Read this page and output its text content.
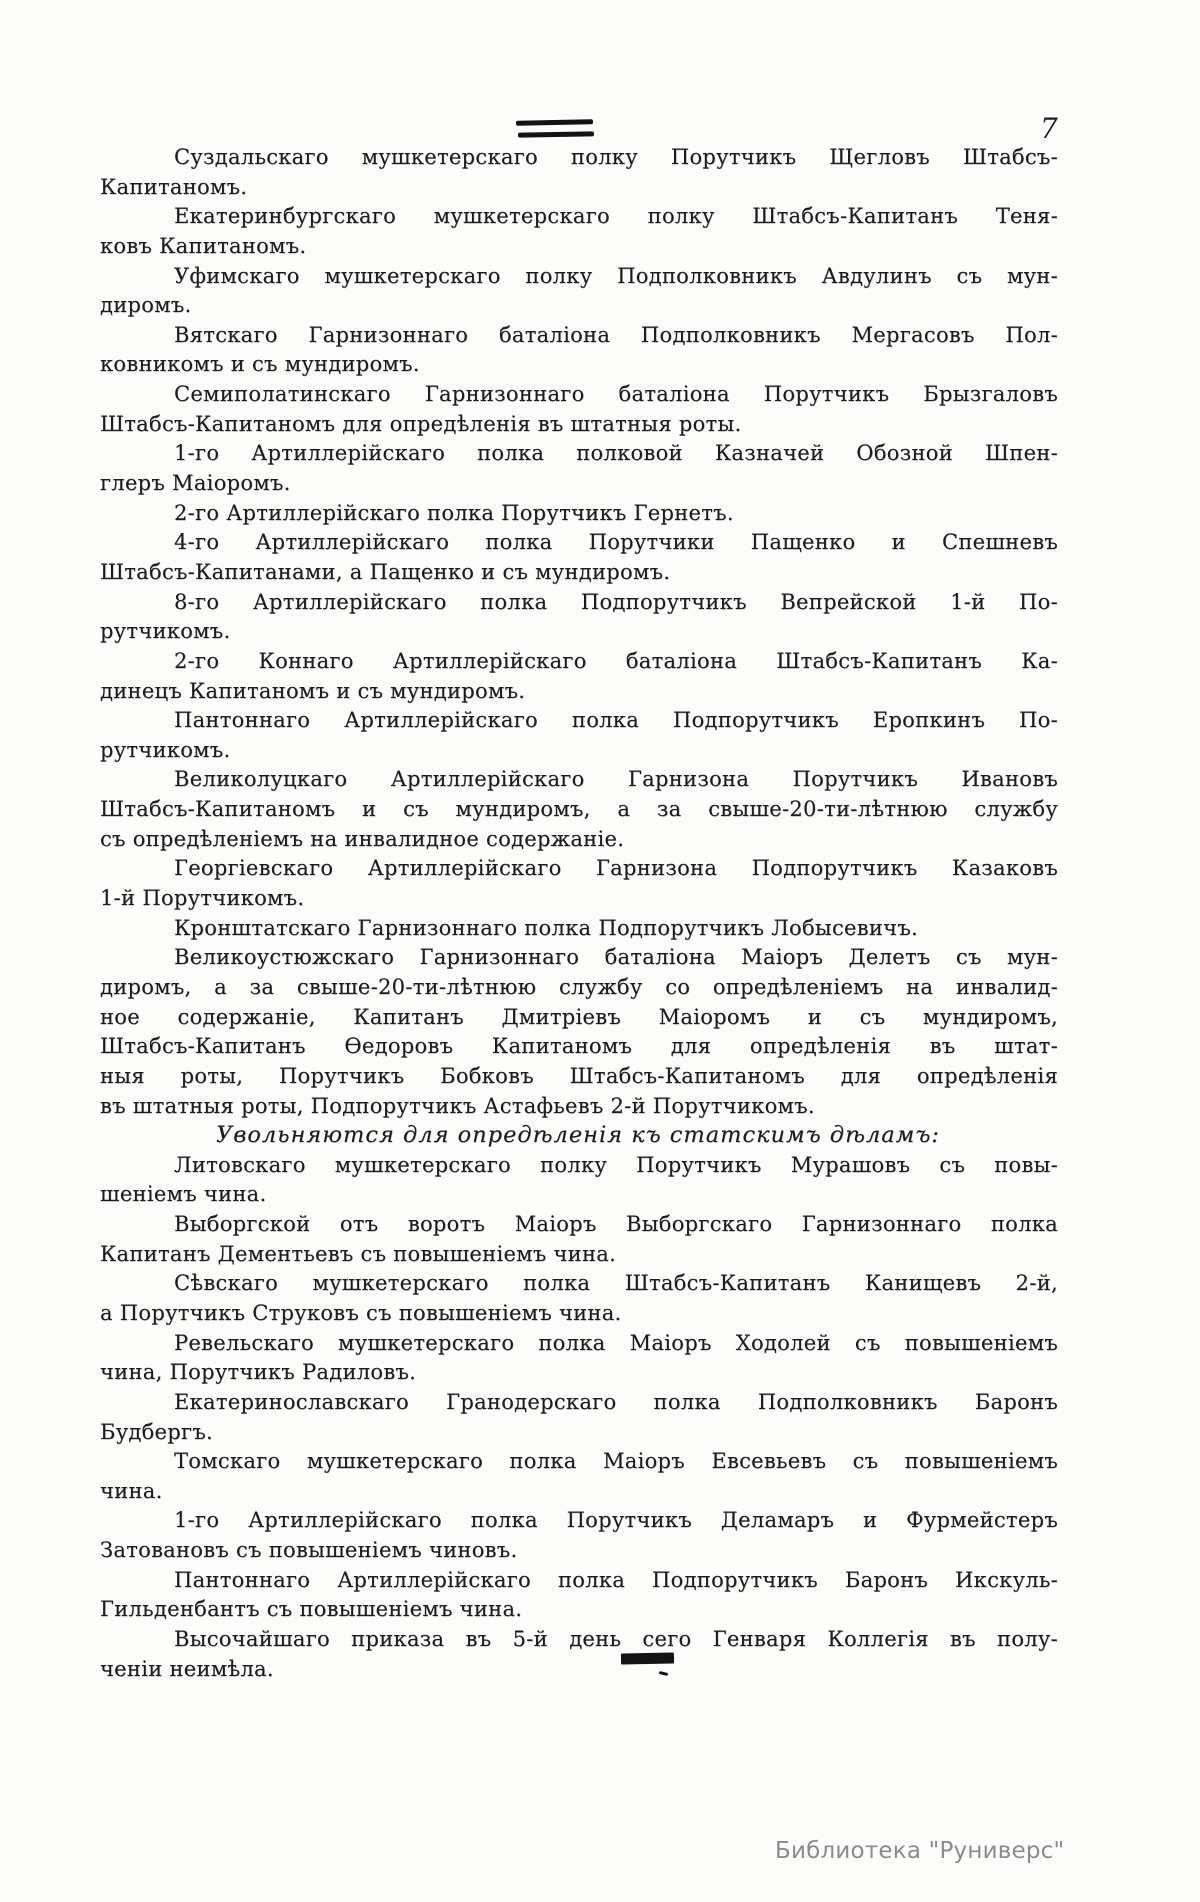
7
Суздальскаго мушкетерскаго полку Порутчикъ Щегловъ Штабсъ-
Капитаномъ.
Екатеринбургскаго мушкетерскаго полку Штабсъ-Капитанъ Теня-
ковъ Капитаномъ.
Уфимскаго мушкетерскаго полку Подполковникъ Авдулинъ съ мун-
диромъ.
Вятскаго Гарнизоннаго баталіона Подполковникъ Мергасовъ Пол-
ковникомъ и съ мундиромъ.
Семиполатинскаго Гарнизоннаго баталіона Порутчикъ Брызгаловъ
Штабсъ-Капитаномъ для опредѣленія въ штатныя роты.
1-го Артиллерійскаго полка полковой Казначей Обозной Шпен-
глеръ Маіоромъ.
2-го Артиллерійскаго полка Порутчикъ Гернетъ.
4-го Артиллерійскаго полка Порутчики Пащенко и Спешневъ
Штабсъ-Капитанами, а Пащенко и съ мундиромъ.
8-го Артиллерійскаго полка Подпорутчикъ Вепрейской 1-й По-
рутчикомъ.
2-го Коннаго Артиллерійскаго баталіона Штабсъ-Капитанъ Ка-
динецъ Капитаномъ и съ мундиромъ.
Пантоннаго Артиллерійскаго полка Подпорутчикъ Еропкинъ По-
рутчикомъ.
Великолуцкаго Артиллерійскаго Гарнизона Порутчикъ Ивановъ
Штабсъ-Капитаномъ и съ мундиромъ, а за свыше-20-ти-лѣтнюю службу
съ опредѣленіемъ на инвалидное содержаніе.
Георгіевскаго Артиллерійскаго Гарнизона Подпорутчикъ Казаковъ
1-й Порутчикомъ.
Кронштатскаго Гарнизоннаго полка Подпорутчикъ Лобысевичъ.
Великоустюжскаго Гарнизоннаго баталіона Маіоръ Делетъ съ мун-
диромъ, а за свыше-20-ти-лѣтнюю службу со опредѣленіемъ на инвалид-
ное содержаніе, Капитанъ Дмитріевъ Маіоромъ и съ мундиромъ,
Штабсъ-Капитанъ Ѳедоровъ Капитаномъ для опредѣленія въ штат-
ныя роты, Порутчикъ Бобковъ Штабсъ-Капитаномъ для опредѣленія
въ штатныя роты, Подпорутчикъ Астафьевъ 2-й Порутчикомъ.
Увольняются для опредѣленія къ статскимъ дѣламъ:
Литовскаго мушкетерскаго полку Порутчикъ Мурашовъ съ повы-
шеніемъ чина.
Выборгской отъ воротъ Маіоръ Выборгскаго Гарнизоннаго полка
Капитанъ Дементьевъ съ повышеніемъ чина.
Сѣвскаго мушкетерскаго полка Штабсъ-Капитанъ Канищевъ 2-й,
а Порутчикъ Струковъ съ повышеніемъ чина.
Ревельскаго мушкетерскаго полка Маіоръ Ходолей съ повышеніемъ
чина, Порутчикъ Радиловъ.
Екатеринославскаго Гранодерскаго полка Подполковникъ Баронъ
Будбергъ.
Томскаго мушкетерскаго полка Маіоръ Евсевьевъ съ повышеніемъ
чина.
1-го Артиллерійскаго полка Порутчикъ Деламаръ и Фурмейстеръ
Затовановъ съ повышеніемъ чиновъ.
Пантоннаго Артиллерійскаго полка Подпорутчикъ Баронъ Икскуль-
Гильденбантъ съ повышеніемъ чина.
Высочайшаго приказа въ 5-й день сего Генваря Коллегія въ полу-
ченіи неимѣла.
Библиотека "Руниверс"
